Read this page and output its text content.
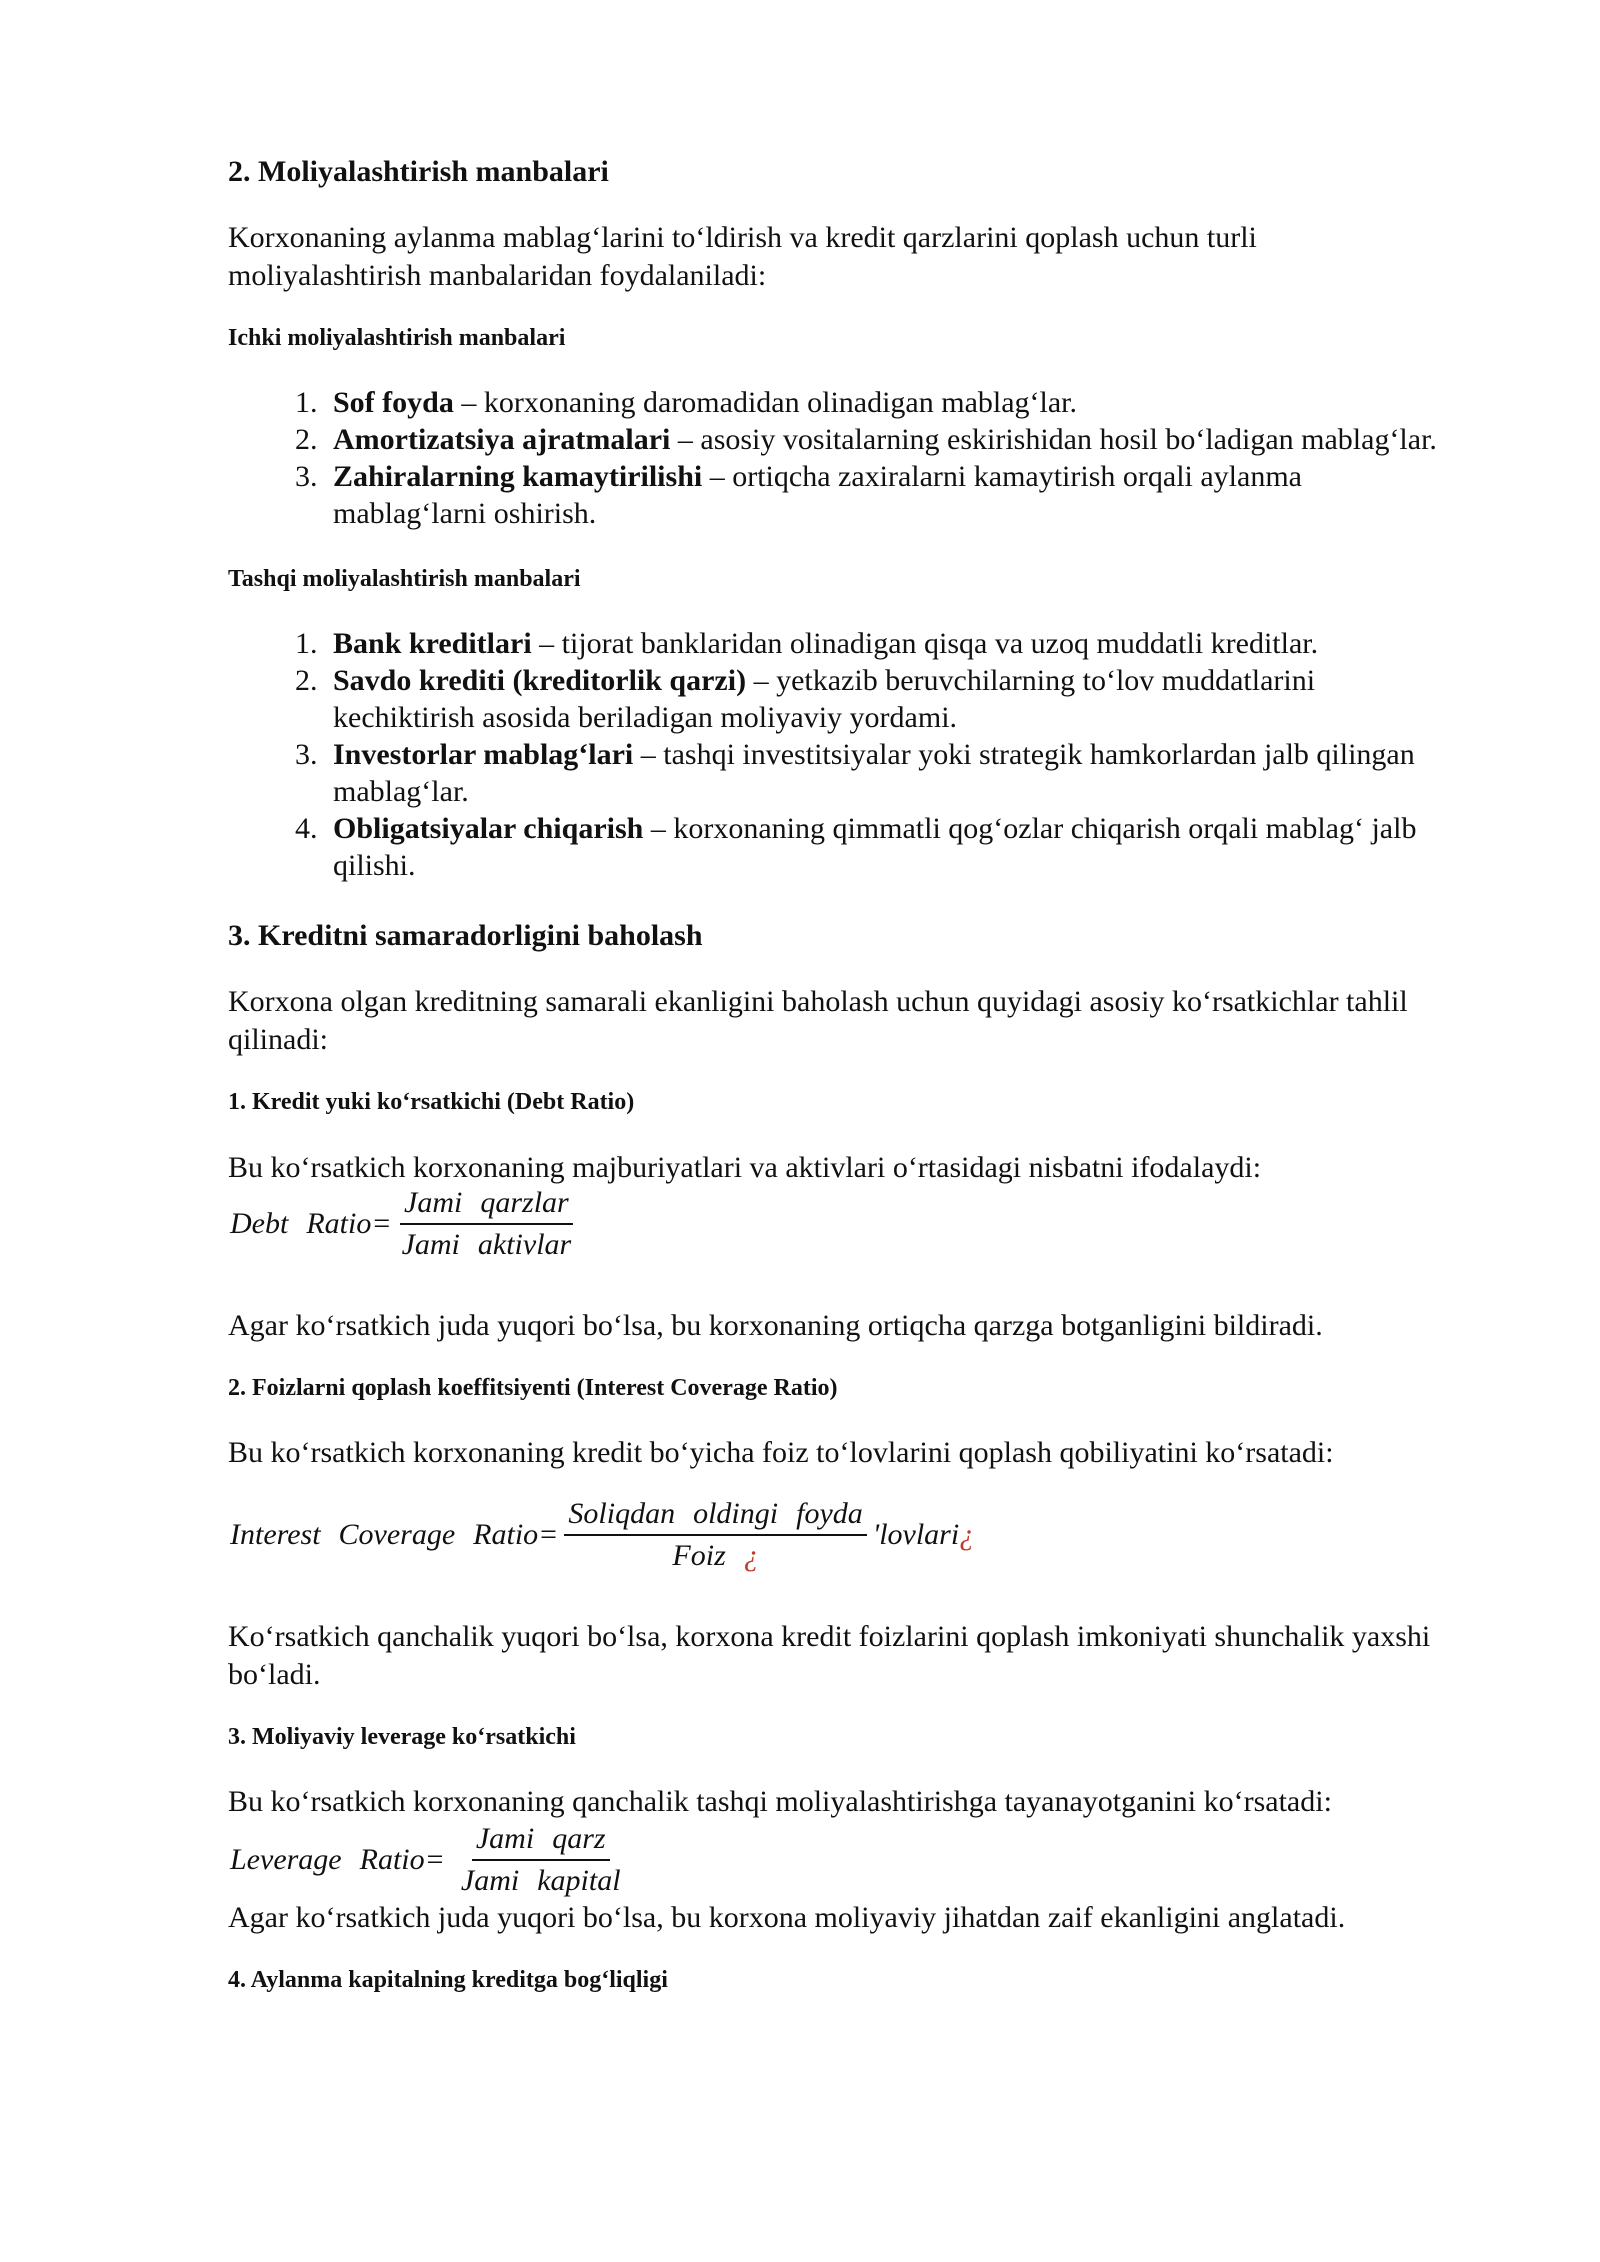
2. Moliyalashtirish manbalari
Korxonaning aylanma mablag‘larini to‘ldirish va kredit qarzlarini qoplash uchun turli moliyalashtirish manbalaridan foydalaniladi:
Ichki moliyalashtirish manbalari
1. Sof foyda – korxonaning daromadidan olinadigan mablag‘lar.
2. Amortizatsiya ajratmalari – asosiy vositalarning eskirishidan hosil bo‘ladigan mablag‘lar.
3. Zahiralarning kamaytirilishi – ortiqcha zaxiralarni kamaytirish orqali aylanma mablag‘larni oshirish.
Tashqi moliyalashtirish manbalari
1. Bank kreditlari – tijorat banklaridan olinadigan qisqa va uzoq muddatli kreditlar.
2. Savdo krediti (kreditorlik qarzi) – yetkazib beruvchilarning to‘lov muddatlarini kechiktirish asosida beriladigan moliyaviy yordami.
3. Investorlar mablag‘lari – tashqi investitsiyalar yoki strategik hamkorlardan jalb qilingan mablag‘lar.
4. Obligatsiyalar chiqarish – korxonaning qimmatli qog‘ozlar chiqarish orqali mablag‘ jalb qilishi.
3. Kreditni samaradorligini baholash
Korxona olgan kreditning samarali ekanligini baholash uchun quyidagi asosiy ko‘rsatkichlar tahlil qilinadi:
1. Kredit yuki ko‘rsatkichi (Debt Ratio)
Bu ko‘rsatkich korxonaning majburiyatlari va aktivlari o‘rtasidagi nisbatni ifodalaydi:
Debt Ratio = $\frac{\text{Jami qarzlar}}{\text{Jami aktivlar}}$
Agar ko‘rsatkich juda yuqori bo‘lsa, bu korxonaning ortiqcha qarzga botganligini bildiradi.
2. Foizlarni qoplash koeffitsiyenti (Interest Coverage Ratio)
Bu ko‘rsatkich korxonaning kredit bo‘yicha foiz to‘lovlarini qoplash qobiliyatini ko‘rsatadi:
Interest Coverage Ratio = $\frac{\text{Soliqdan oldingi foyda}}{\text{Foiz ¿}}$ ' lovlari ¿
Ko‘rsatkich qanchalik yuqori bo‘lsa, korxona kredit foizlarini qoplash imkoniyati shunchalik yaxshi bo‘ladi.
3. Moliyaviy leverage ko‘rsatkichi
Bu ko‘rsatkich korxonaning qanchalik tashqi moliyalashtirishga tayanayotganini ko‘rsatadi:
Leverage Ratio = $\frac{\text{Jami qarz}}{\text{Jami kapital}}$
Agar ko‘rsatkich juda yuqori bo‘lsa, bu korxona moliyaviy jihatdan zaif ekanligini anglatadi.
4. Aylanma kapitalning kreditga bog‘liqligi
